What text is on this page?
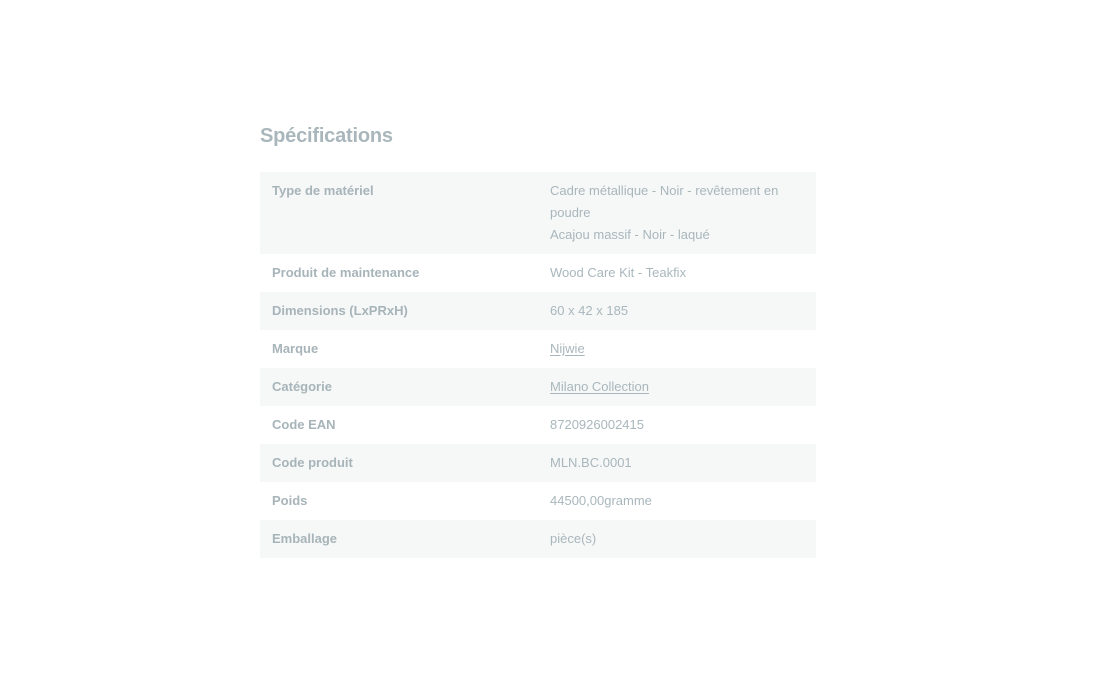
Spécifications
Type de matériel	Cadre métallique - Noir - revêtement en
poudre
Acajou massif - Noir - laqué

Produit de maintenance	Wood Care Kit - Teakfix
Dimensions (LxPRxH)	60 x 42 x 185
Marque	Nijwie
Catégorie	Milano Collection
Code EAN	8720926002415
Code produit	MLN.BC.0001
Poids	44500,00gramme
Emballage	pièce(s)
